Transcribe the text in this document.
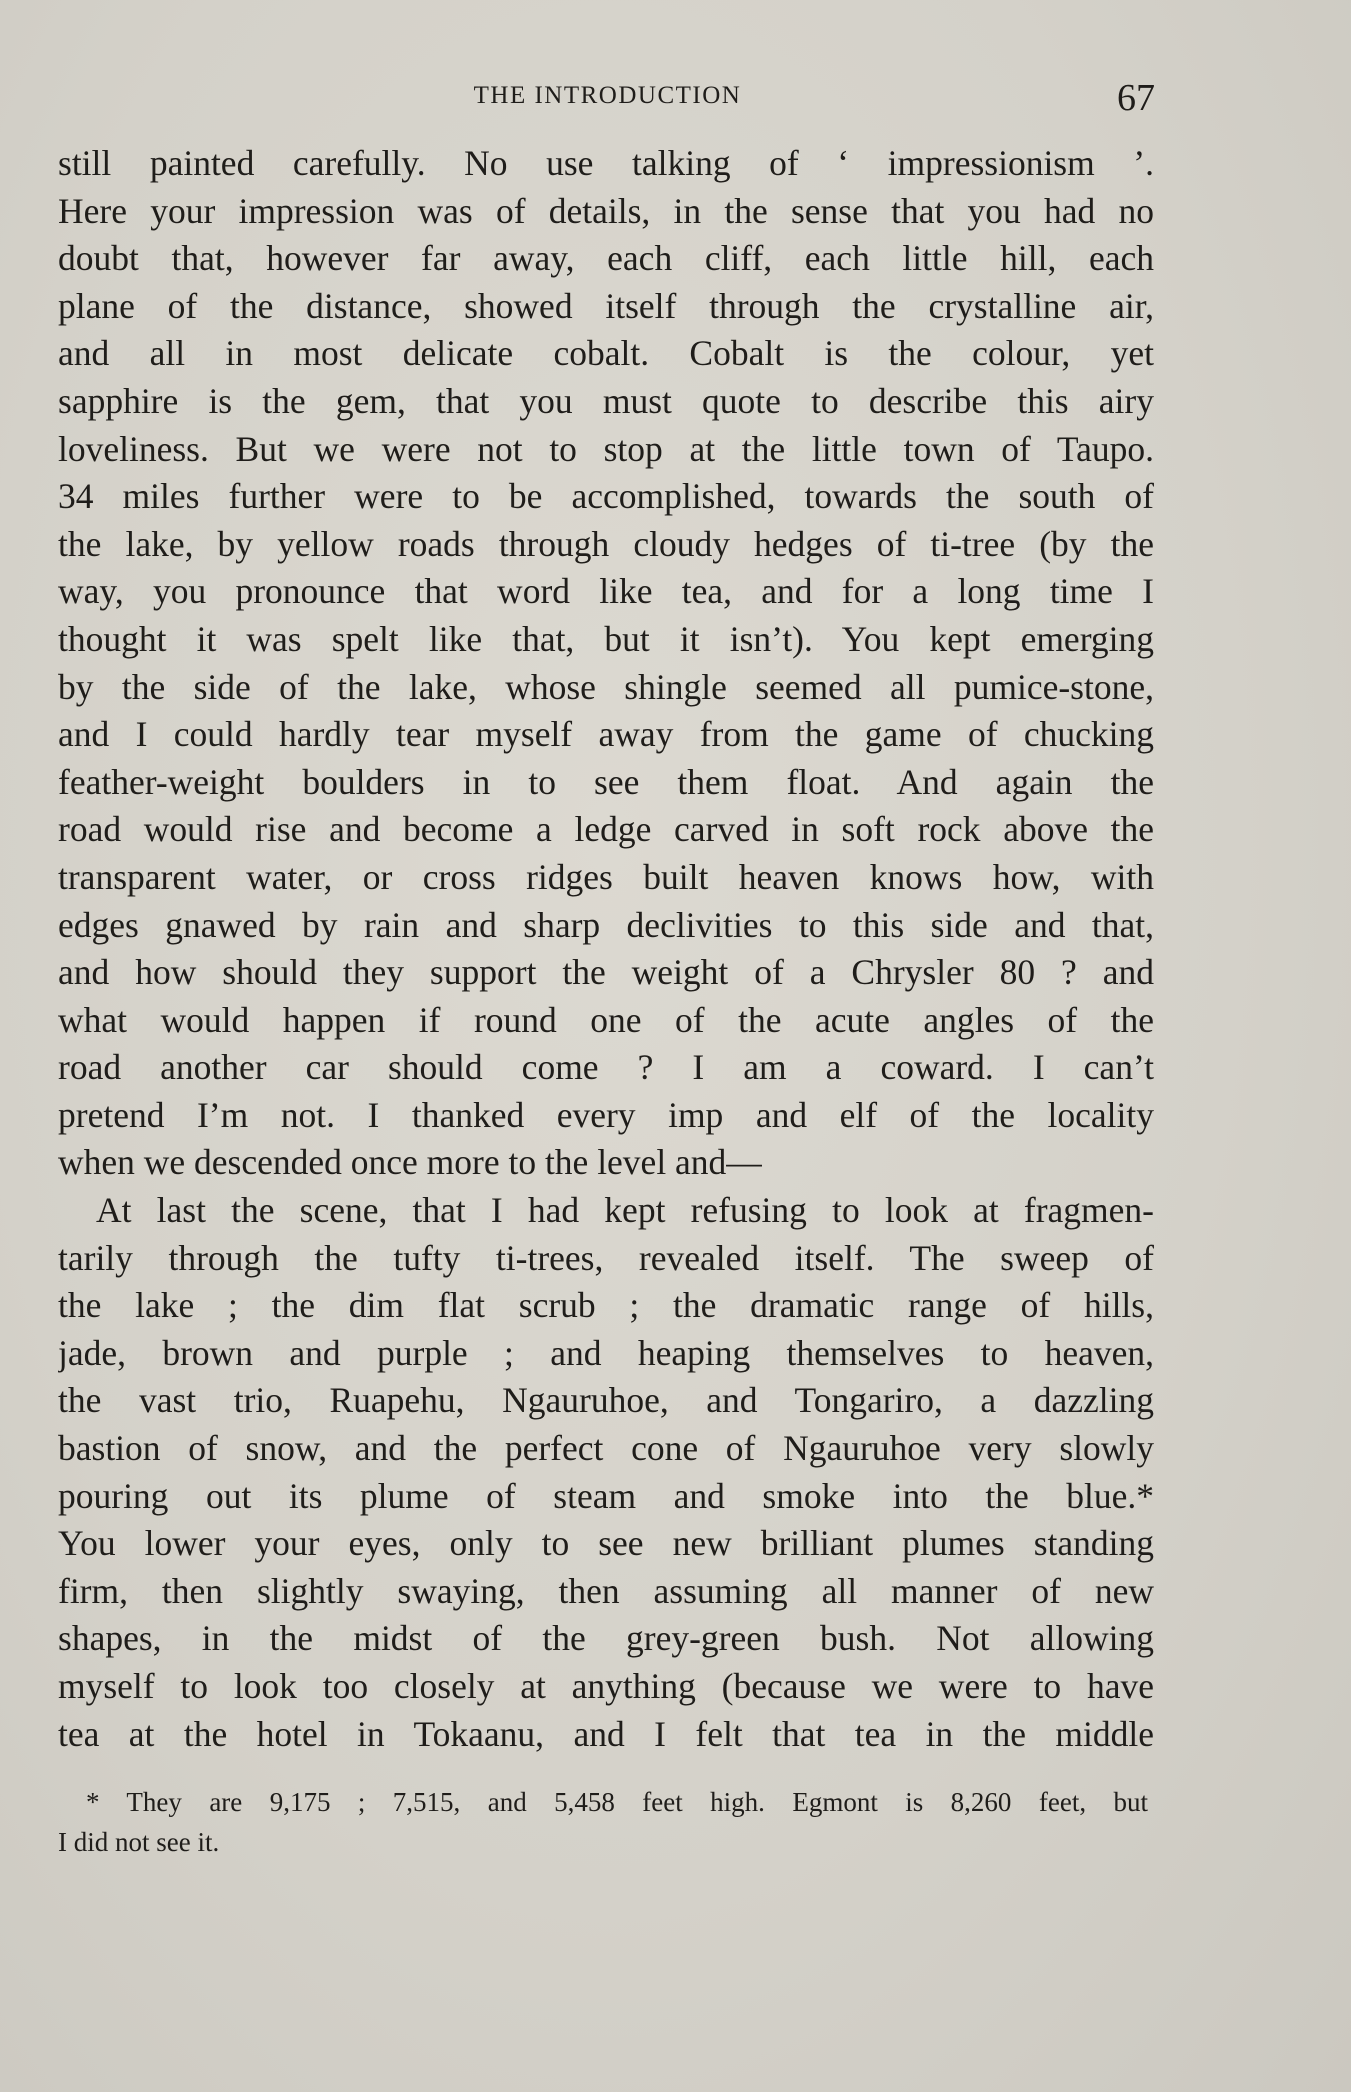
THE INTRODUCTION	67
still painted carefully. No use talking of ‘ impressionism ’.
Here your impression was of details, in the sense that you had no
doubt that, however far away, each cliff, each little hill, each
plane of the distance, showed itself through the crystalline air,
and all in most delicate cobalt. Cobalt is the colour, yet
sapphire is the gem, that you must quote to describe this airy
loveliness. But we were not to stop at the little town of Taupo.
34 miles further were to be accomplished, towards the south of
the lake, by yellow roads through cloudy hedges of ti-tree (by the
way, you pronounce that word like tea, and for a long time I
thought it was spelt like that, but it isn’t). You kept emerging
by the side of the lake, whose shingle seemed all pumice-stone,
and I could hardly tear myself away from the game of chucking
feather-weight boulders in to see them float. And again the
road would rise and become a ledge carved in soft rock above the
transparent water, or cross ridges built heaven knows how, with
edges gnawed by rain and sharp declivities to this side and that,
and how should they support the weight of a Chrysler 80 ? and
what would happen if round one of the acute angles of the
road another car should come ? I am a coward. I can’t
pretend I’m not. I thanked every imp and elf of the locality
when we descended once more to the level and—
At last the scene, that I had kept refusing to look at fragmen-
tarily through the tufty ti-trees, revealed itself. The sweep of
the lake ; the dim flat scrub ; the dramatic range of hills,
jade, brown and purple ; and heaping themselves to heaven,
the vast trio, Ruapehu, Ngauruhoe, and Tongariro, a dazzling
bastion of snow, and the perfect cone of Ngauruhoe very slowly
pouring out its plume of steam and smoke into the blue.*
You lower your eyes, only to see new brilliant plumes standing
firm, then slightly swaying, then assuming all manner of new
shapes, in the midst of the grey-green bush. Not allowing
myself to look too closely at anything (because we were to have
tea at the hotel in Tokaanu, and I felt that tea in the middle
* They are 9,175 ; 7,515, and 5,458 feet high. Egmont is 8,260 feet, but
I did not see it.
